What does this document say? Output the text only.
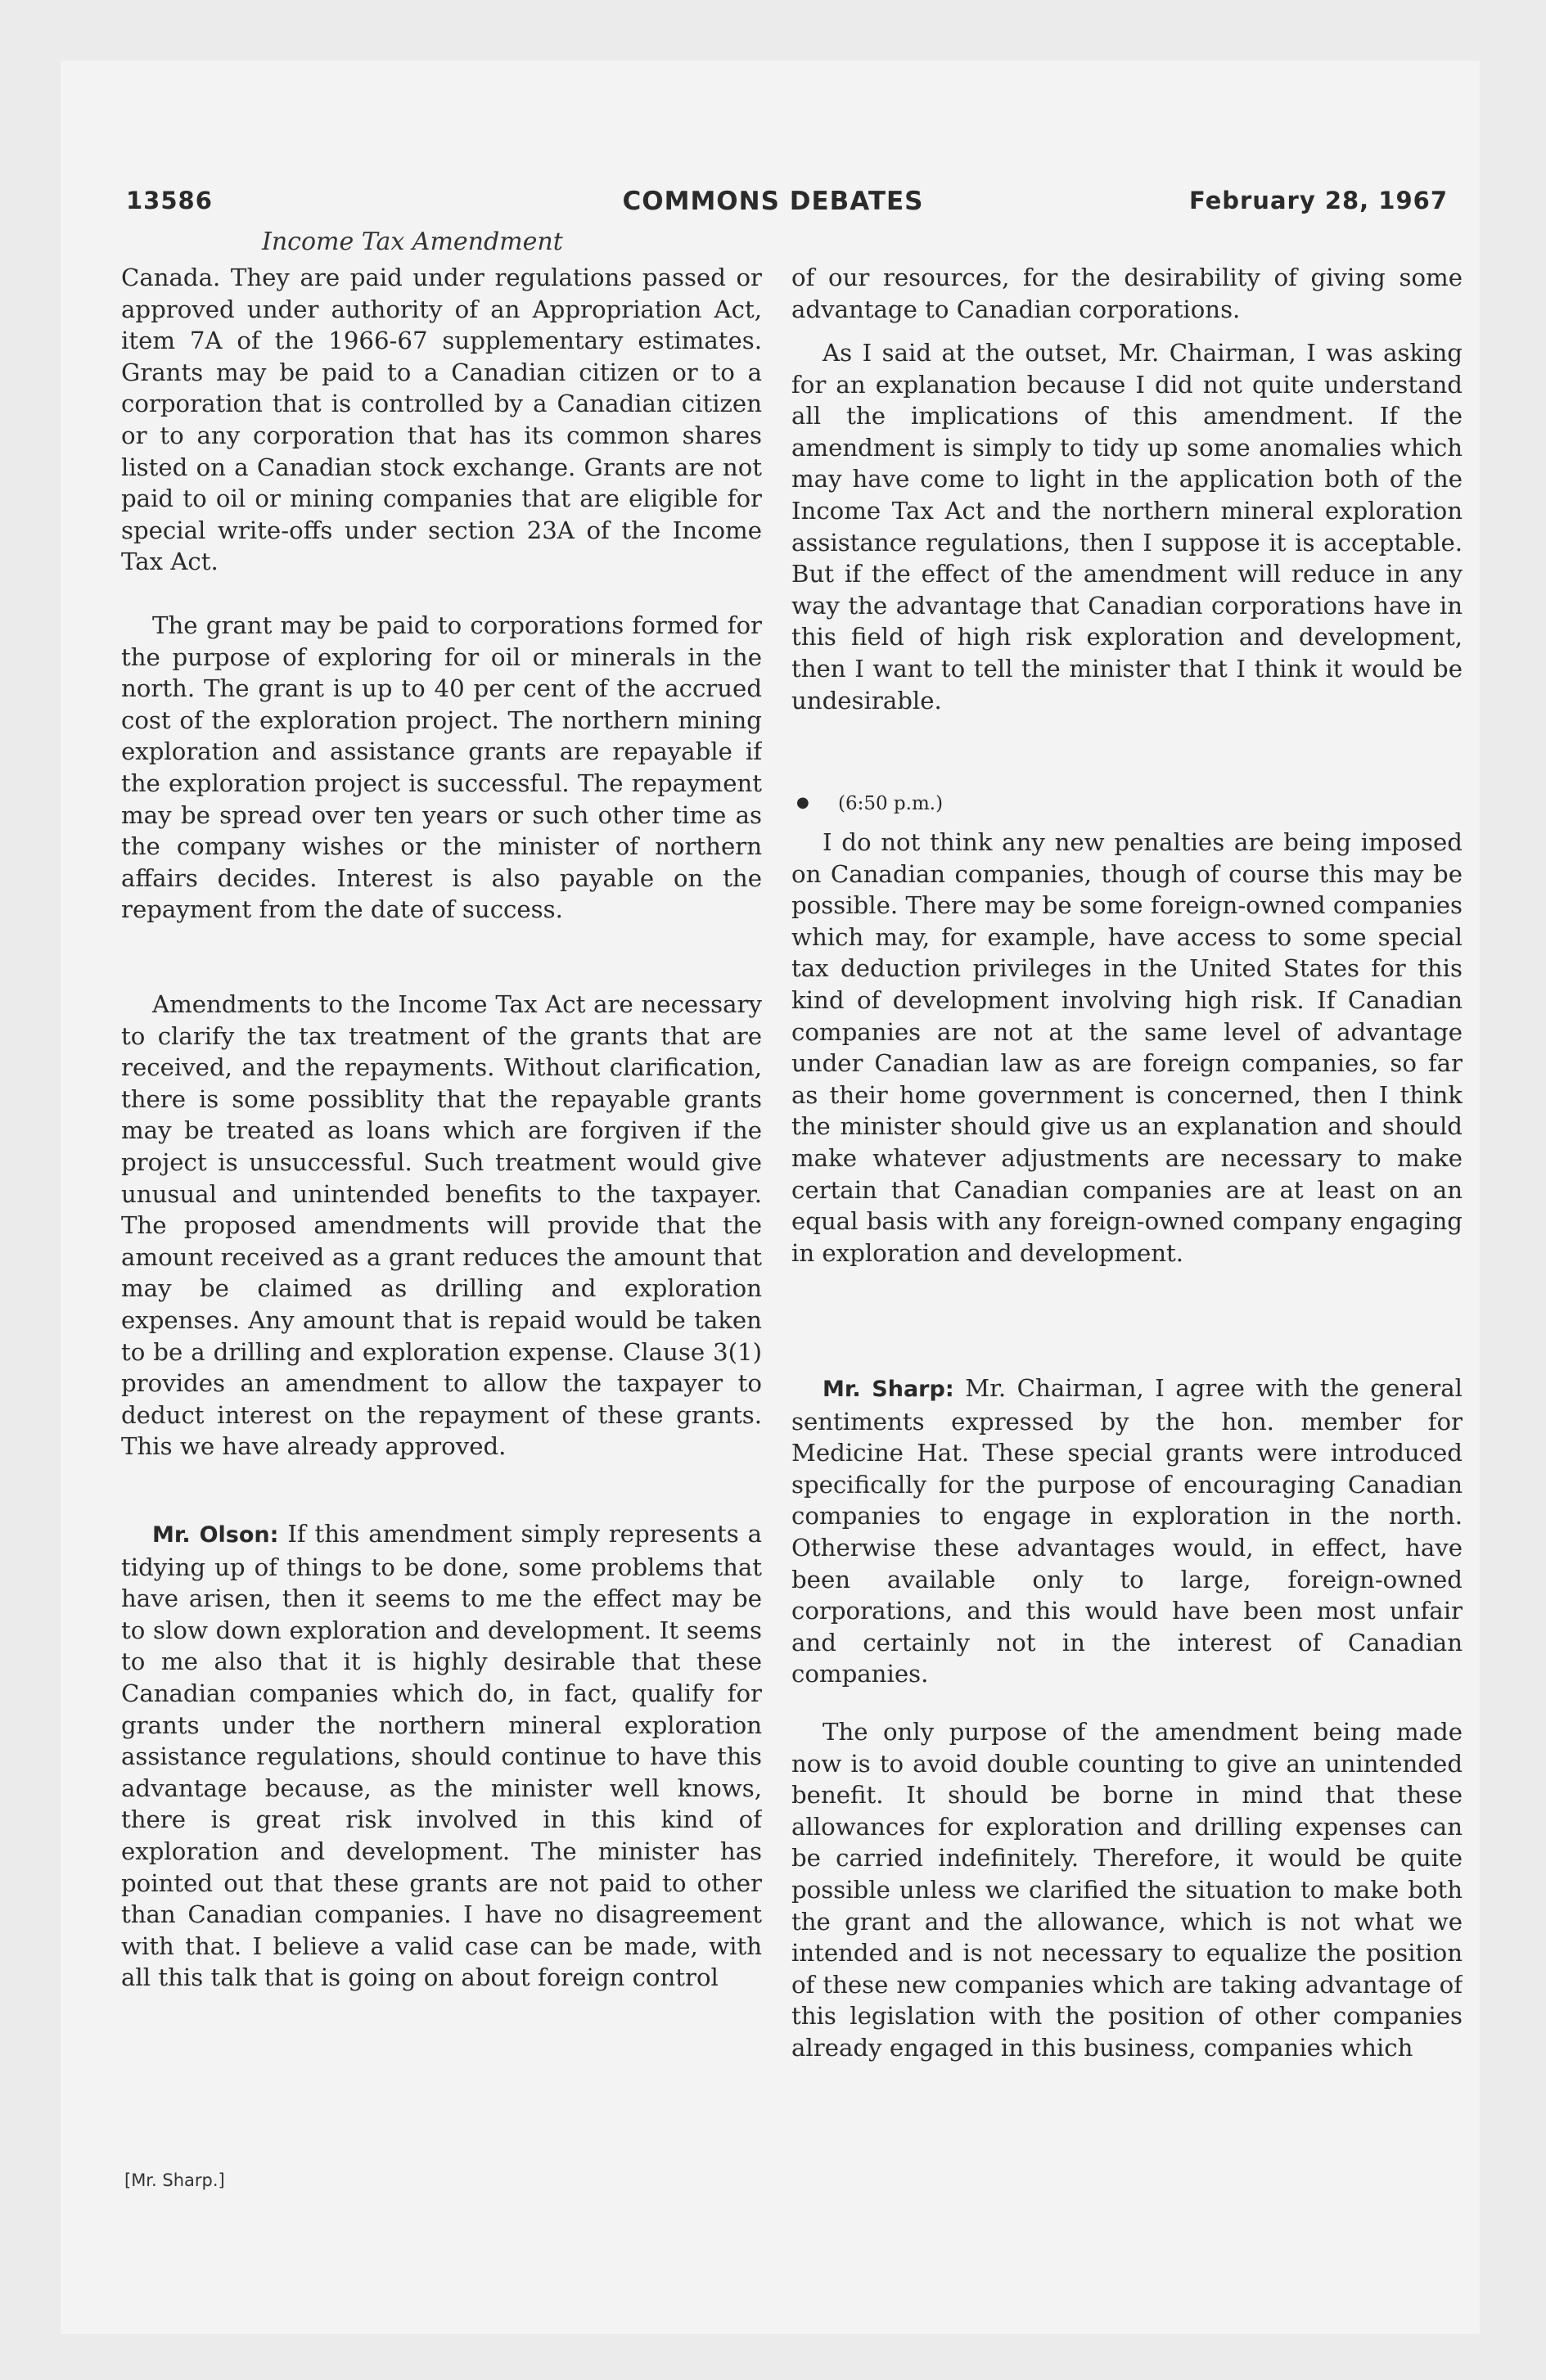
13586	COMMONS DEBATES	February 28, 1967
Income Tax Amendment

Canada. They are paid under regulations passed or approved under authority of an Appropriation Act, item 7A of the 1966-67 supplementary estimates. Grants may be paid to a Canadian citizen or to a corporation that is controlled by a Canadian citizen or to any corporation that has its common shares listed on a Canadian stock exchange. Grants are not paid to oil or mining companies that are eligible for special write-offs under section 23A of the Income Tax Act.

The grant may be paid to corporations formed for the purpose of exploring for oil or minerals in the north. The grant is up to 40 per cent of the accrued cost of the exploration project. The northern mining exploration and assistance grants are repayable if the exploration project is successful. The repayment may be spread over ten years or such other time as the company wishes or the minister of northern affairs decides. Interest is also payable on the repayment from the date of success.

Amendments to the Income Tax Act are necessary to clarify the tax treatment of the grants that are received, and the repayments. Without clarification, there is some possiblity that the repayable grants may be treated as loans which are forgiven if the project is unsuccessful. Such treatment would give unusual and unintended benefits to the taxpayer. The proposed amendments will provide that the amount received as a grant reduces the amount that may be claimed as drilling and exploration expenses. Any amount that is repaid would be taken to be a drilling and exploration expense. Clause 3(1) provides an amendment to allow the taxpayer to deduct interest on the repayment of these grants. This we have already approved.

Mr. Olson: If this amendment simply represents a tidying up of things to be done, some problems that have arisen, then it seems to me the effect may be to slow down exploration and development. It seems to me also that it is highly desirable that these Canadian companies which do, in fact, qualify for grants under the northern mineral exploration assistance regulations, should continue to have this advantage because, as the minister well knows, there is great risk involved in this kind of exploration and development. The minister has pointed out that these grants are not paid to other than Canadian companies. I have no disagreement with that. I believe a valid case can be made, with all this talk that is going on about foreign control

of our resources, for the desirability of giving some advantage to Canadian corporations.

As I said at the outset, Mr. Chairman, I was asking for an explanation because I did not quite understand all the implications of this amendment. If the amendment is simply to tidy up some anomalies which may have come to light in the application both of the Income Tax Act and the northern mineral exploration assistance regulations, then I suppose it is acceptable. But if the effect of the amendment will reduce in any way the advantage that Canadian corporations have in this field of high risk exploration and development, then I want to tell the minister that I think it would be undesirable.

● (6:50 p.m.)

I do not think any new penalties are being imposed on Canadian companies, though of course this may be possible. There may be some foreign-owned companies which may, for example, have access to some special tax deduction privileges in the United States for this kind of development involving high risk. If Canadian companies are not at the same level of advantage under Canadian law as are foreign companies, so far as their home government is concerned, then I think the minister should give us an explanation and should make whatever adjustments are necessary to make certain that Canadian companies are at least on an equal basis with any foreign-owned company engaging in exploration and development.

Mr. Sharp: Mr. Chairman, I agree with the general sentiments expressed by the hon. member for Medicine Hat. These special grants were introduced specifically for the purpose of encouraging Canadian companies to engage in exploration in the north. Otherwise these advantages would, in effect, have been available only to large, foreign-owned corporations, and this would have been most unfair and certainly not in the interest of Canadian companies.

The only purpose of the amendment being made now is to avoid double counting to give an unintended benefit. It should be borne in mind that these allowances for exploration and drilling expenses can be carried indefinitely. Therefore, it would be quite possible unless we clarified the situation to make both the grant and the allowance, which is not what we intended and is not necessary to equalize the position of these new companies which are taking advantage of this legislation with the position of other companies already engaged in this business, companies which

[Mr. Sharp.]
